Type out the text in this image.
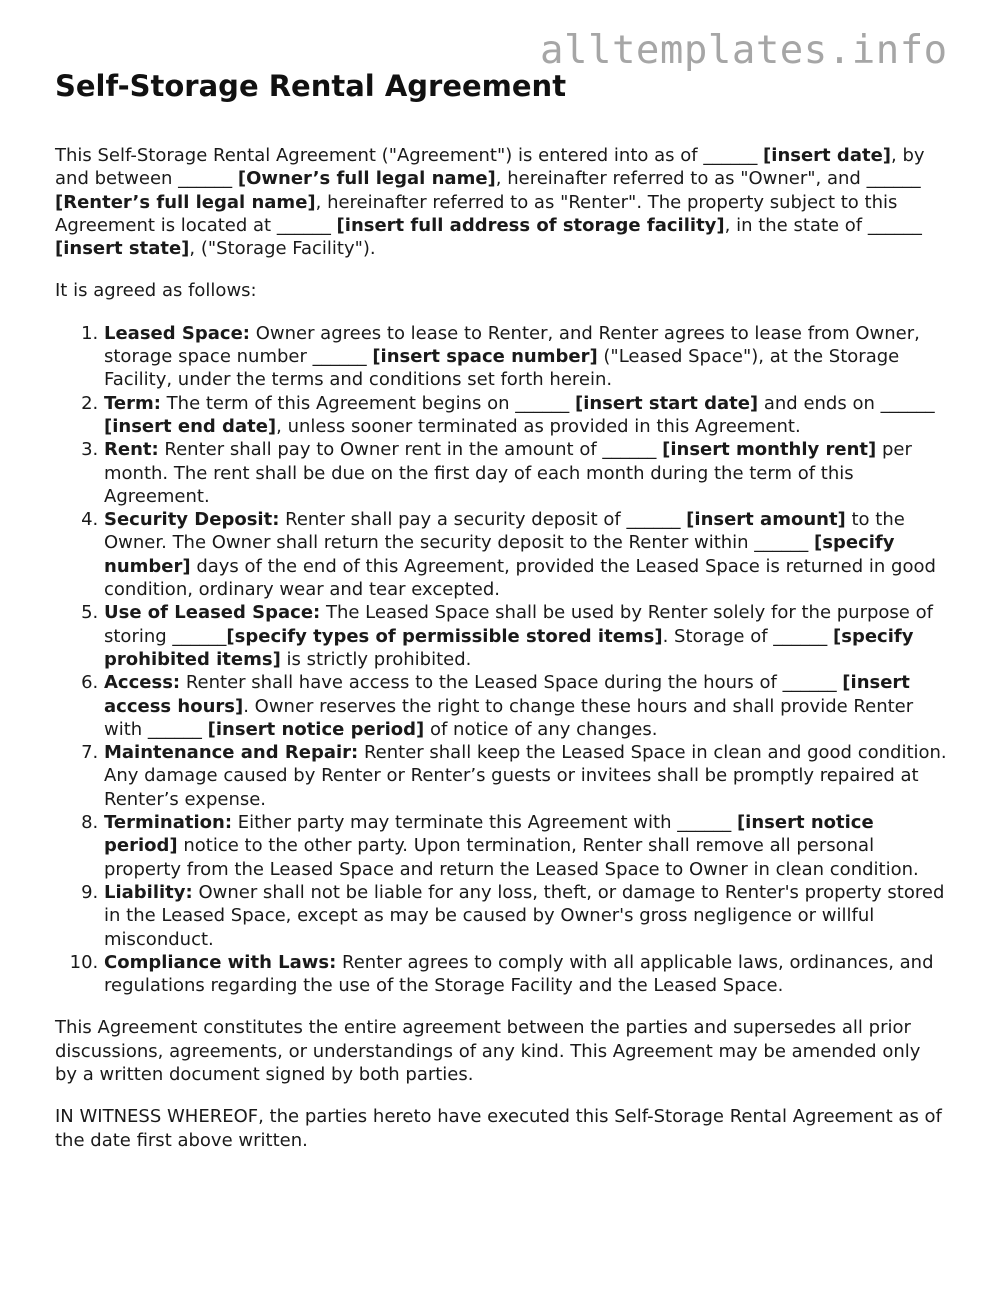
alltemplates.info
Self-Storage Rental Agreement

This Self-Storage Rental Agreement ("Agreement") is entered into as of ______ [insert date], by and between ______ [Owner’s full legal name], hereinafter referred to as "Owner", and ______ [Renter’s full legal name], hereinafter referred to as "Renter". The property subject to this Agreement is located at ______ [insert full address of storage facility], in the state of ______ [insert state], ("Storage Facility").

It is agreed as follows:

1. Leased Space: Owner agrees to lease to Renter, and Renter agrees to lease from Owner, storage space number ______ [insert space number] ("Leased Space"), at the Storage Facility, under the terms and conditions set forth herein.
2. Term: The term of this Agreement begins on ______ [insert start date] and ends on ______ [insert end date], unless sooner terminated as provided in this Agreement.
3. Rent: Renter shall pay to Owner rent in the amount of ______ [insert monthly rent] per month. The rent shall be due on the first day of each month during the term of this Agreement.
4. Security Deposit: Renter shall pay a security deposit of ______ [insert amount] to the Owner. The Owner shall return the security deposit to the Renter within ______ [specify number] days of the end of this Agreement, provided the Leased Space is returned in good condition, ordinary wear and tear excepted.
5. Use of Leased Space: The Leased Space shall be used by Renter solely for the purpose of storing ______[specify types of permissible stored items]. Storage of ______ [specify prohibited items] is strictly prohibited.
6. Access: Renter shall have access to the Leased Space during the hours of ______ [insert access hours]. Owner reserves the right to change these hours and shall provide Renter with ______ [insert notice period] of notice of any changes.
7. Maintenance and Repair: Renter shall keep the Leased Space in clean and good condition. Any damage caused by Renter or Renter’s guests or invitees shall be promptly repaired at Renter’s expense.
8. Termination: Either party may terminate this Agreement with ______ [insert notice period] notice to the other party. Upon termination, Renter shall remove all personal property from the Leased Space and return the Leased Space to Owner in clean condition.
9. Liability: Owner shall not be liable for any loss, theft, or damage to Renter's property stored in the Leased Space, except as may be caused by Owner's gross negligence or willful misconduct.
10. Compliance with Laws: Renter agrees to comply with all applicable laws, ordinances, and regulations regarding the use of the Storage Facility and the Leased Space.

This Agreement constitutes the entire agreement between the parties and supersedes all prior discussions, agreements, or understandings of any kind. This Agreement may be amended only by a written document signed by both parties.

IN WITNESS WHEREOF, the parties hereto have executed this Self-Storage Rental Agreement as of the date first above written.
